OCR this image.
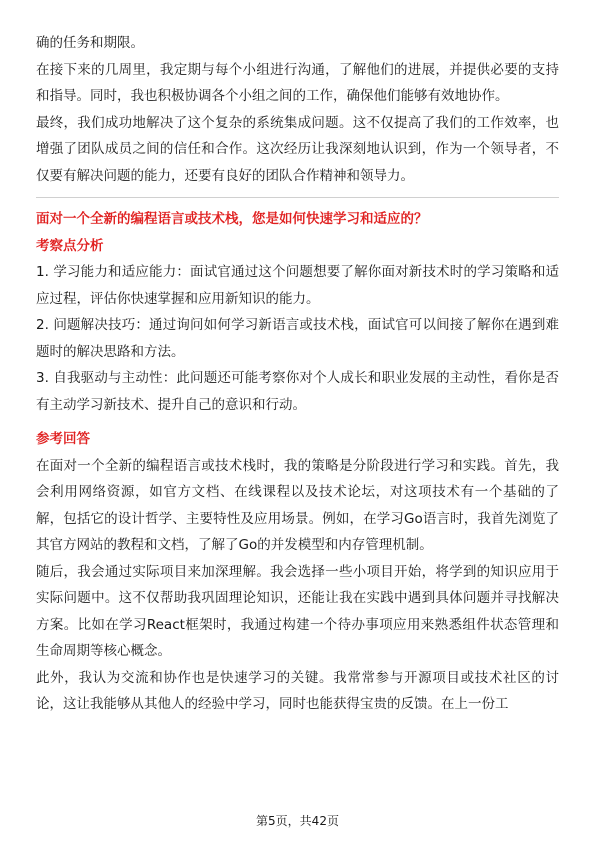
确的任务和期限。

在接下来的几周里，我定期与每个小组进行沟通，了解他们的进展，并提供必要的支持和指导。同时，我也积极协调各个小组之间的工作，确保他们能够有效地协作。

最终，我们成功地解决了这个复杂的系统集成问题。这不仅提高了我们的工作效率，也增强了团队成员之间的信任和合作。这次经历让我深刻地认识到，作为一个领导者，不仅要有解决问题的能力，还要有良好的团队合作精神和领导力。

面对一个全新的编程语言或技术栈，您是如何快速学习和适应的？

考察点分析

1. 学习能力和适应能力：面试官通过这个问题想要了解你面对新技术时的学习策略和适应过程，评估你快速掌握和应用新知识的能力。

2. 问题解决技巧：通过询问如何学习新语言或技术栈，面试官可以间接了解你在遇到难题时的解决思路和方法。

3. 自我驱动与主动性：此问题还可能考察你对个人成长和职业发展的主动性，看你是否有主动学习新技术、提升自己的意识和行动。

参考回答

在面对一个全新的编程语言或技术栈时，我的策略是分阶段进行学习和实践。首先，我会利用网络资源，如官方文档、在线课程以及技术论坛，对这项技术有一个基础的了解，包括它的设计哲学、主要特性及应用场景。例如，在学习Go语言时，我首先浏览了其官方网站的教程和文档，了解了Go的并发模型和内存管理机制。

随后，我会通过实际项目来加深理解。我会选择一些小项目开始，将学到的知识应用于实际问题中。这不仅帮助我巩固理论知识，还能让我在实践中遇到具体问题并寻找解决方案。比如在学习React框架时，我通过构建一个待办事项应用来熟悉组件状态管理和生命周期等核心概念。

此外，我认为交流和协作也是快速学习的关键。我常常参与开源项目或技术社区的讨论，这让我能够从其他人的经验中学习，同时也能获得宝贵的反馈。在上一份工

第5页，共42页
